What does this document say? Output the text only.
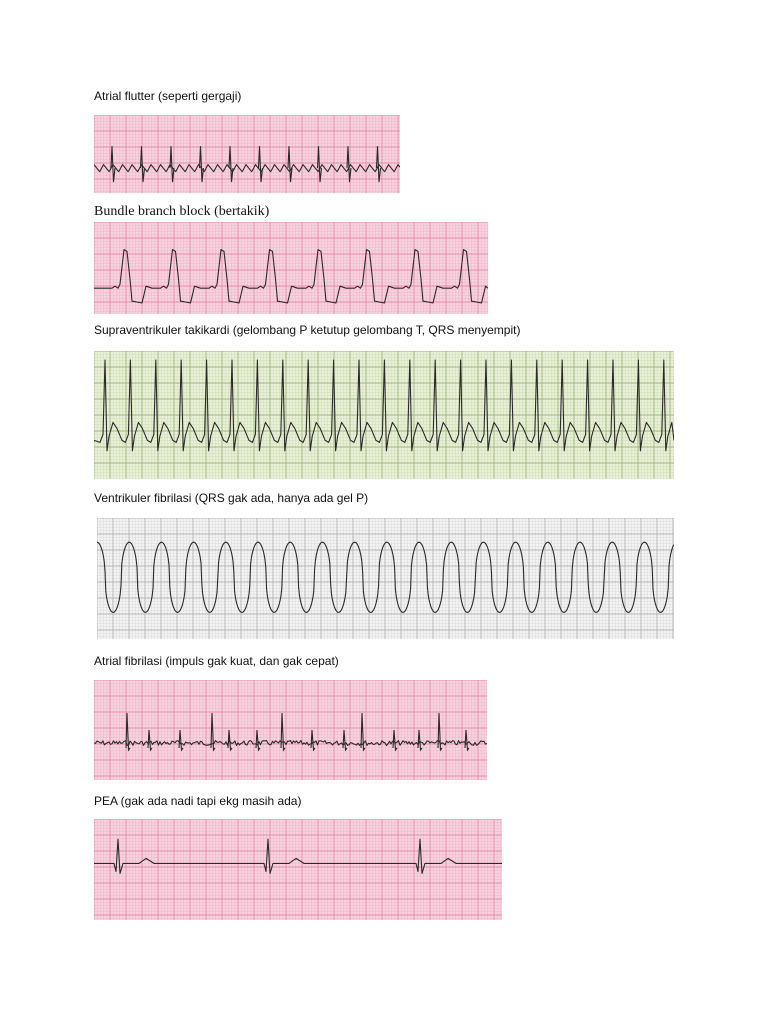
Atrial flutter (seperti gergaji)
Bundle branch block (bertakik)
Supraventrikuler takikardi (gelombang P ketutup gelombang T, QRS menyempit)
Ventrikuler fibrilasi (QRS gak ada, hanya ada gel P)
Atrial fibrilasi (impuls gak kuat, dan gak cepat)
PEA (gak ada nadi tapi ekg masih ada)
